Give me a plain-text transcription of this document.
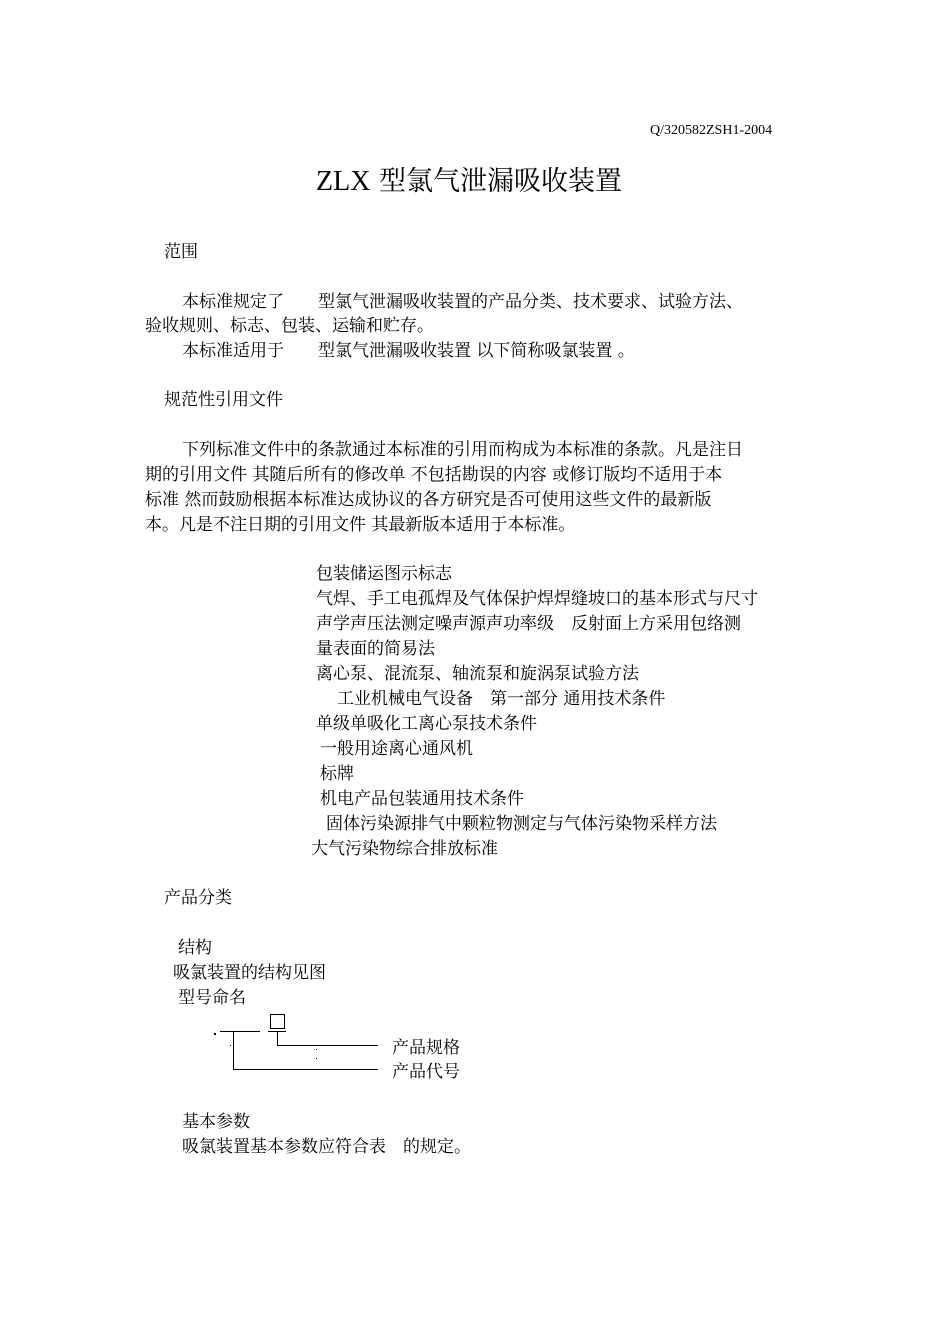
Q/320582ZSH1-2004
ZLX 型氯气泄漏吸收装置
范围
本标准规定了　　型氯气泄漏吸收装置的产品分类、技术要求、试验方法、
验收规则、标志、包装、运输和贮存。
本标准适用于　　型氯气泄漏吸收装置 以下简称吸氯装置 。
规范性引用文件
下列标准文件中的条款通过本标准的引用而构成为本标准的条款。凡是注日
期的引用文件 其随后所有的修改单 不包括勘误的内容 或修订版均不适用于本
标准 然而鼓励根据本标准达成协议的各方研究是否可使用这些文件的最新版
本。凡是不注日期的引用文件 其最新版本适用于本标准。
包装储运图示标志
气焊、手工电孤焊及气体保护焊焊缝坡口的基本形式与尺寸
声学声压法测定噪声源声功率级　反射面上方采用包络测
量表面的简易法
离心泵、混流泵、轴流泵和旋涡泵试验方法
工业机械电气设备　第一部分 通用技术条件
单级单吸化工离心泵技术条件
一般用途离心通风机
标牌
机电产品包装通用技术条件
固体污染源排气中颗粒物测定与气体污染物采样方法
大气污染物综合排放标准
产品分类
结构
吸氯装置的结构见图
型号命名
产品规格
产品代号
基本参数
吸氯装置基本参数应符合表　的规定。
